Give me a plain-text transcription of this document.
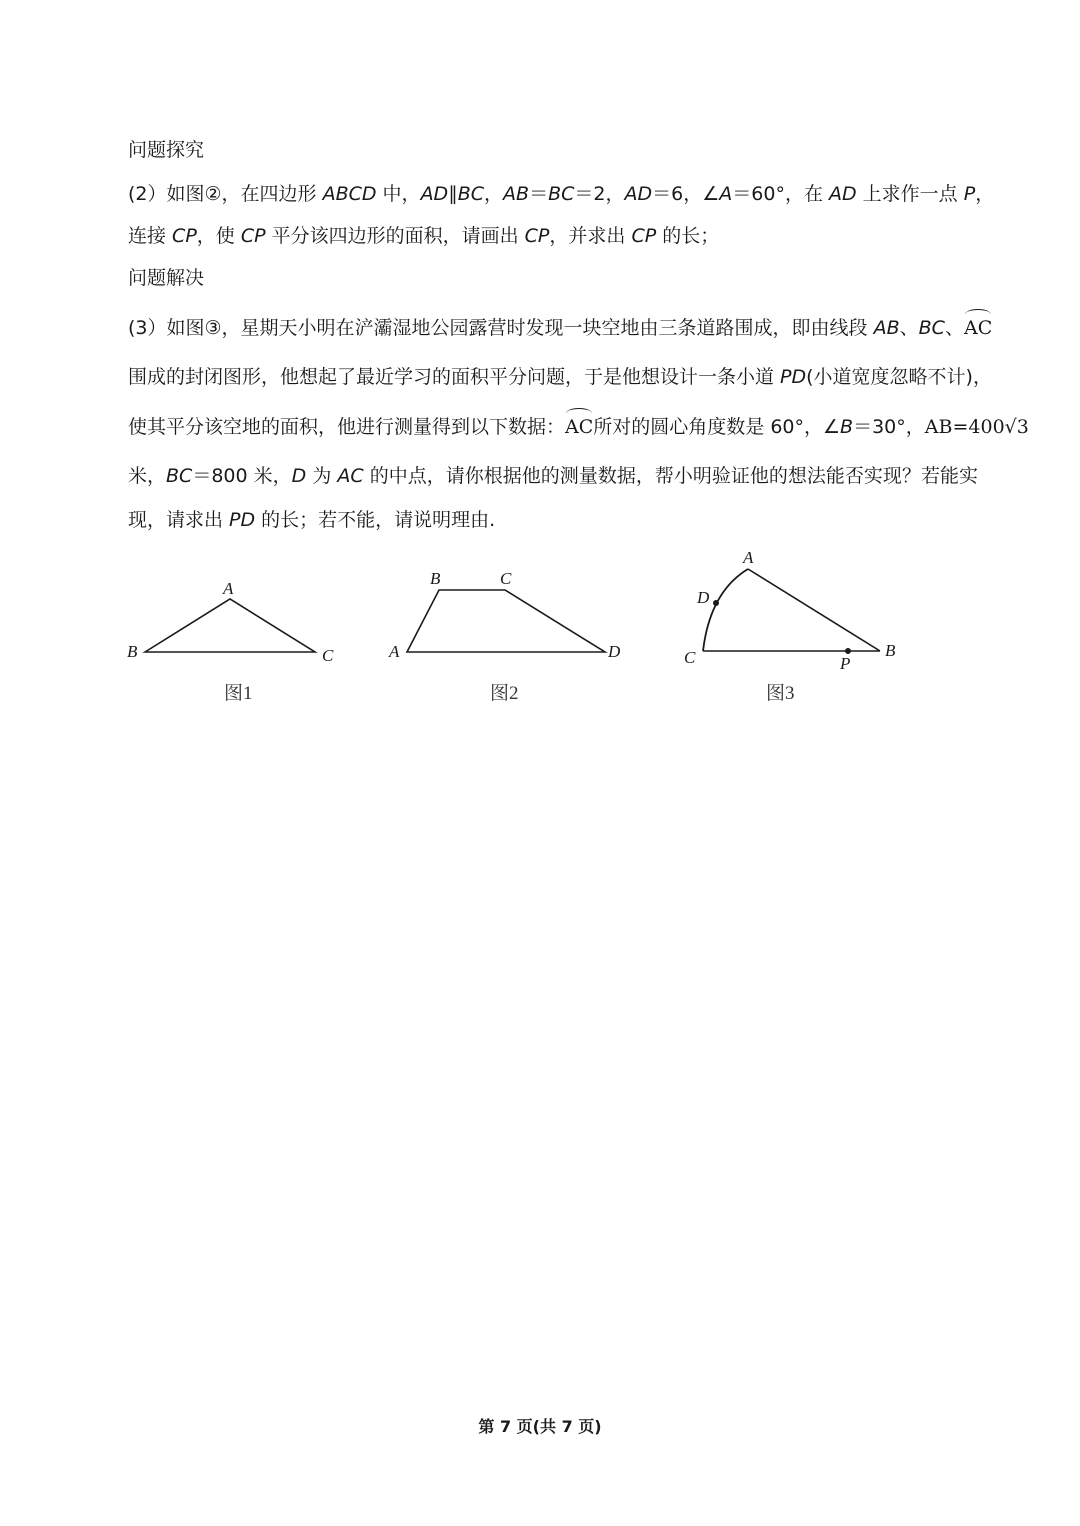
问题探究
(2）如图②，在四边形 ABCD 中，AD∥BC，AB＝BC＝2，AD＝6，∠A＝60°，在 AD 上求作一点 P，
连接 CP，使 CP 平分该四边形的面积，请画出 CP，并求出 CP 的长；
问题解决
(3）如图③，星期天小明在浐灞湿地公园露营时发现一块空地由三条道路围成，即由线段 AB、BC、AC
围成的封闭图形，他想起了最近学习的面积平分问题，于是他想设计一条小道 PD(小道宽度忽略不计)，
使其平分该空地的面积，他进行测量得到以下数据：AC所对的圆心角度数是 60°，∠B＝30°，AB=400√3
米，BC＝800 米，D 为 AC 的中点，请你根据他的测量数据，帮小明验证他的想法能否实现？若能实
现，请求出 PD 的长；若不能，请说明理由.
A
B	C	A
B	C
D
A
D
C	P
B
图1	图2	图3
第 7 页(共 7 页)
